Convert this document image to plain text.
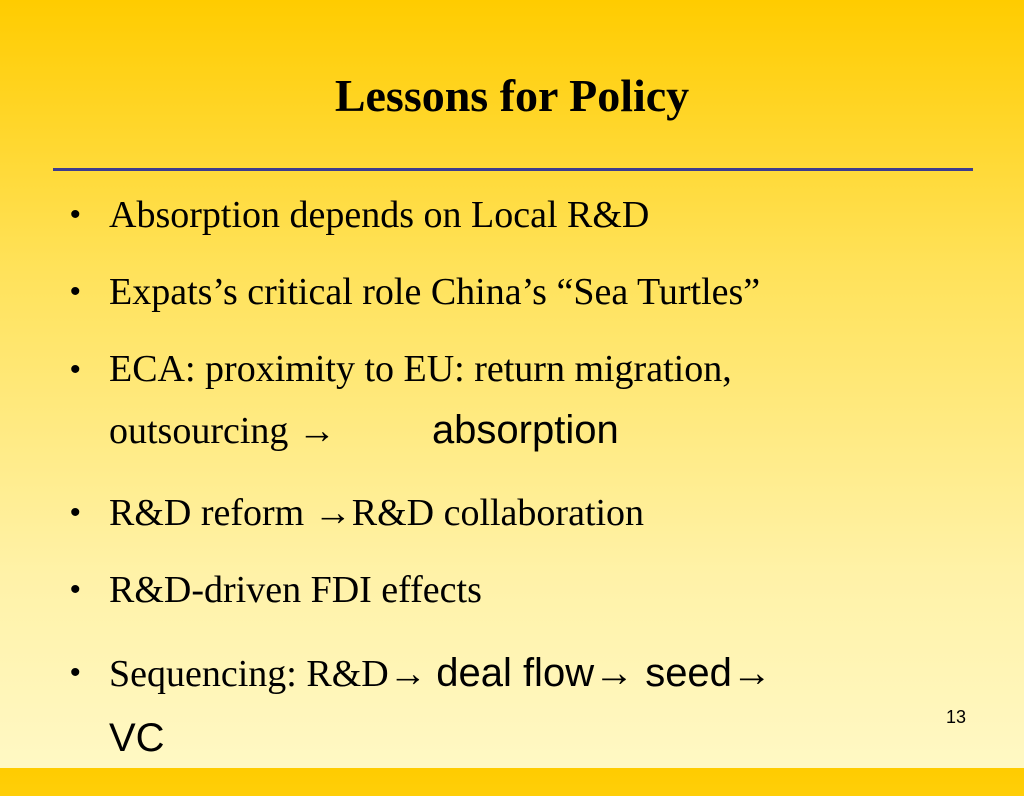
Lessons for Policy
• Absorption depends on Local R&D
• Expats’s critical role China’s “Sea Turtles”
• ECA: proximity to EU: return migration,
outsourcing → absorption
• R&D reform →R&D collaboration
• R&D-driven FDI effects
• Sequencing: R&D→ deal flow→ seed→
VC	13
